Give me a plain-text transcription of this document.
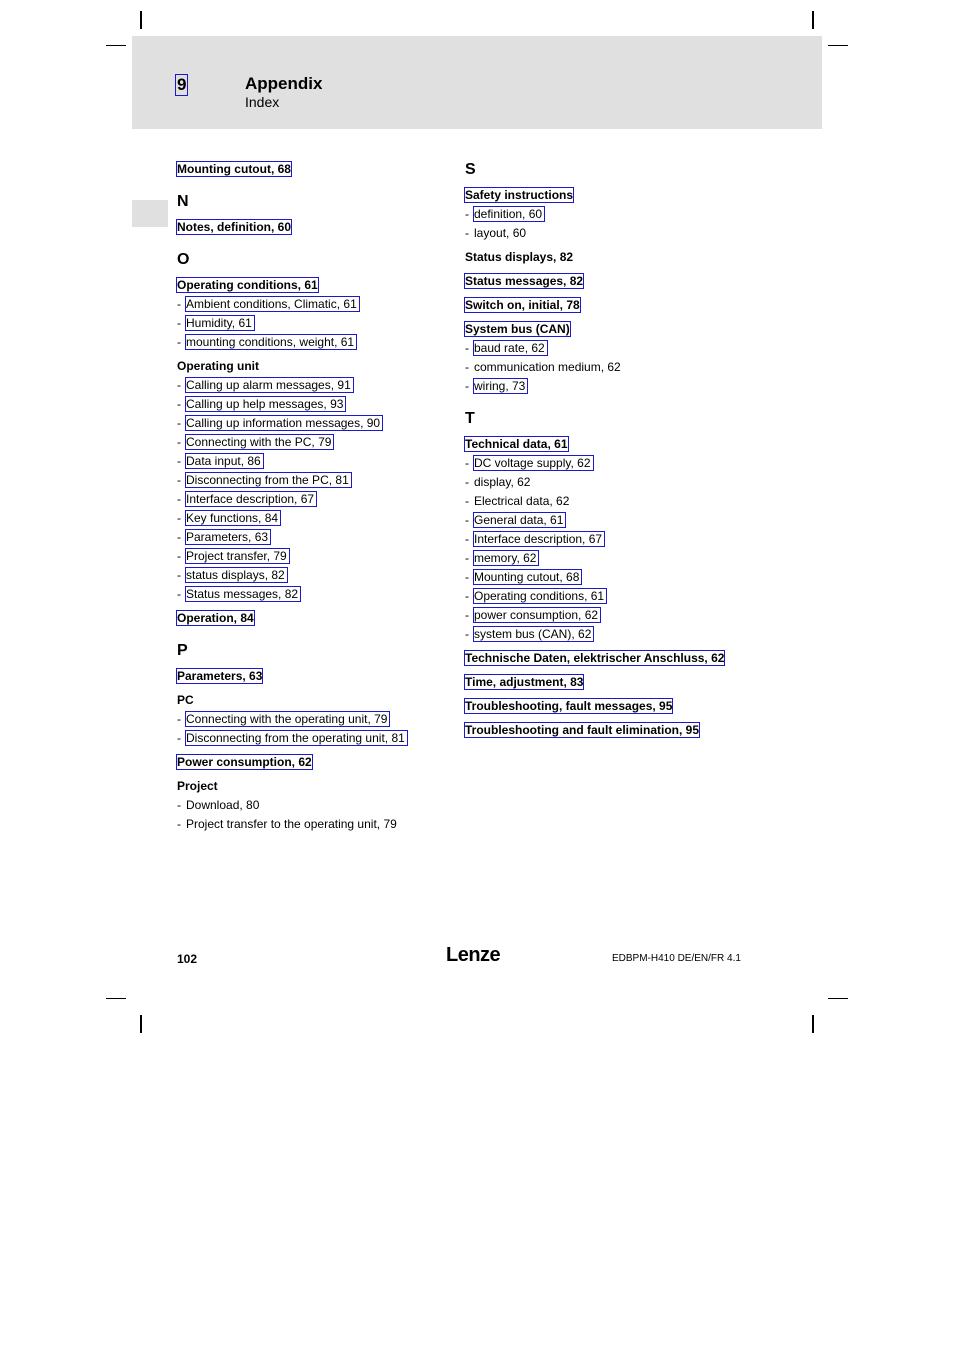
9	Appendix
Index
Mounting cutout, 68
N
Notes, definition, 60
O
Operating conditions, 61
- Ambient conditions, Climatic, 61
- Humidity, 61
- mounting conditions, weight, 61
Operating unit
- Calling up alarm messages, 91
- Calling up help messages, 93
- Calling up information messages, 90
- Connecting with the PC, 79
- Data input, 86
- Disconnecting from the PC, 81
- Interface description, 67
- Key functions, 84
- Parameters, 63
- Project transfer, 79
- status displays, 82
- Status messages, 82
Operation, 84
P
Parameters, 63
PC
- Connecting with the operating unit, 79
- Disconnecting from the operating unit, 81
Power consumption, 62
Project
- Download, 80
- Project transfer to the operating unit, 79
S
Safety instructions
- definition, 60
- layout, 60
Status displays, 82
Status messages, 82
Switch on, initial, 78
System bus (CAN)
- baud rate, 62
- communication medium, 62
- wiring, 73
T
Technical data, 61
- DC voltage supply, 62
- display, 62
- Electrical data, 62
- General data, 61
- Interface description, 67
- memory, 62
- Mounting cutout, 68
- Operating conditions, 61
- power consumption, 62
- system bus (CAN), 62
Technische Daten, elektrischer Anschluss, 62
Time, adjustment, 83
Troubleshooting, fault messages, 95
Troubleshooting and fault elimination, 95
102	Lenze	EDBPM-H410 DE/EN/FR 4.1
